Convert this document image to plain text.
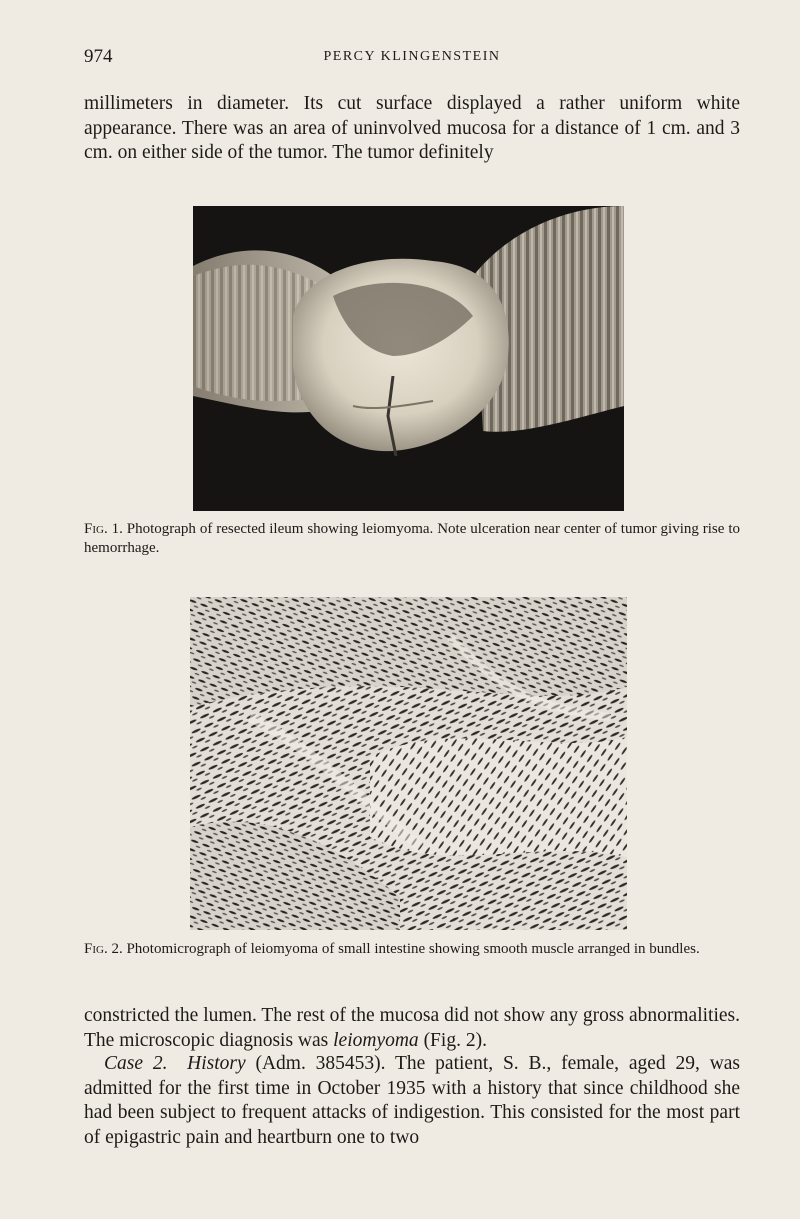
974	PERCY KLINGENSTEIN

millimeters in diameter. Its cut surface displayed a rather uniform white appearance. There was an area of uninvolved mucosa for a distance of 1 cm. and 3 cm. on either side of the tumor. The tumor definitely

Fig. 1. Photograph of resected ileum showing leiomyoma. Note ulceration near center of tumor giving rise to hemorrhage.

Fig. 2. Photomicrograph of leiomyoma of small intestine showing smooth muscle arranged in bundles.

constricted the lumen. The rest of the mucosa did not show any gross abnormalities. The microscopic diagnosis was leiomyoma (Fig. 2).

Case 2. History (Adm. 385453). The patient, S. B., female, aged 29, was admitted for the first time in October 1935 with a history that since childhood she had been subject to frequent attacks of indigestion. This consisted for the most part of epigastric pain and heartburn one to two
